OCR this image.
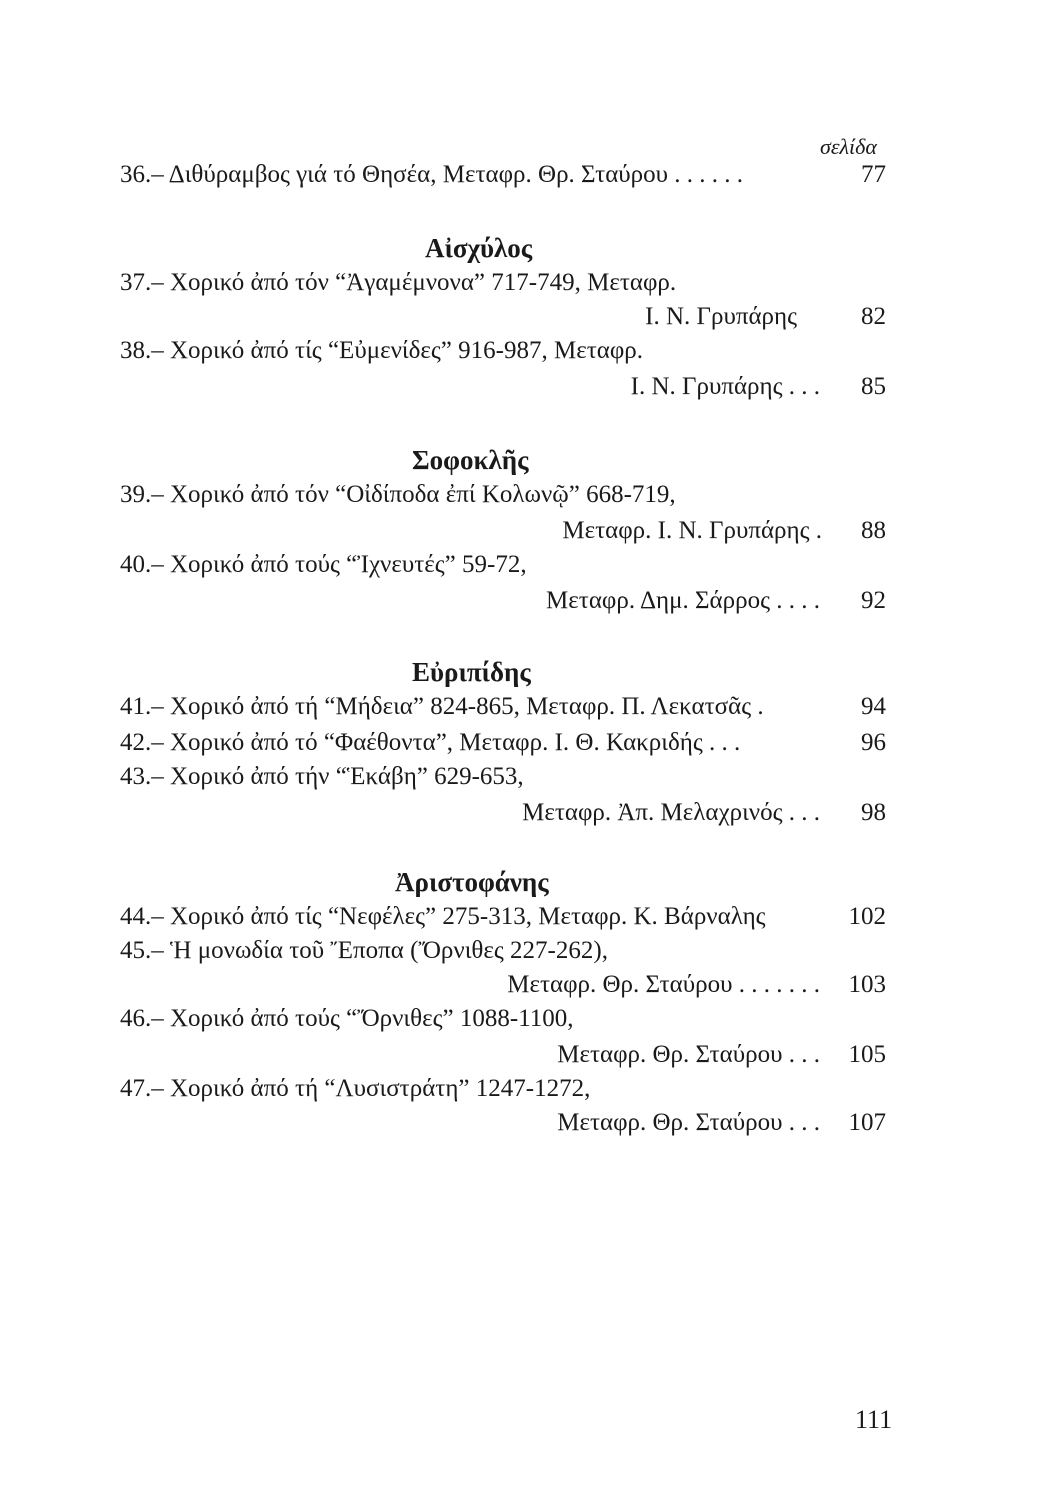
σελίδα
36.– Διθύραμβος γιά τό Θησέα, Μεταφρ. Θρ. Σταύρου . . . . . .	77
Αἰσχύλος
37.– Χορικό ἀπό τόν “Ἀγαμέμνονα” 717-749, Μεταφρ.
Ι. Ν. Γρυπάρης	82
38.– Χορικό ἀπό τίς “Εὐμενίδες” 916-987, Μεταφρ.
Ι. Ν. Γρυπάρης . . .	85
Σοφοκλῆς
39.– Χορικό ἀπό τόν “Οἰδίποδα ἐπί Κολωνῷ” 668-719,
Μεταφρ. Ι. Ν. Γρυπάρης .	88
40.– Χορικό ἀπό τούς “Ἰχνευτές” 59-72,
Μεταφρ. Δημ. Σάρρος . . . .	92
Εὐριπίδης
41.– Χορικό ἀπό τή “Μήδεια” 824-865, Μεταφρ. Π. Λεκατσᾶς .	94
42.– Χορικό ἀπό τό “Φαέθοντα”, Μεταφρ. Ι. Θ. Κακριδής . . .	96
43.– Χορικό ἀπό τήν “Ἑκάβη” 629-653,
Μεταφρ. Ἀπ. Μελαχρινός . . .	98
Ἀριστοφάνης
44.– Χορικό ἀπό τίς “Νεφέλες” 275-313, Μεταφρ. Κ. Βάρναλης	102
45.– Ἡ μονωδία τοῦ Ἔποπα (Ὄρνιθες 227-262),
Μεταφρ. Θρ. Σταύρου . . . . . . .	103
46.– Χορικό ἀπό τούς “Ὄρνιθες” 1088-1100,
Μεταφρ. Θρ. Σταύρου . . .	105
47.– Χορικό ἀπό τή “Λυσιστράτη” 1247-1272,
Μεταφρ. Θρ. Σταύρου . . .	107
111
